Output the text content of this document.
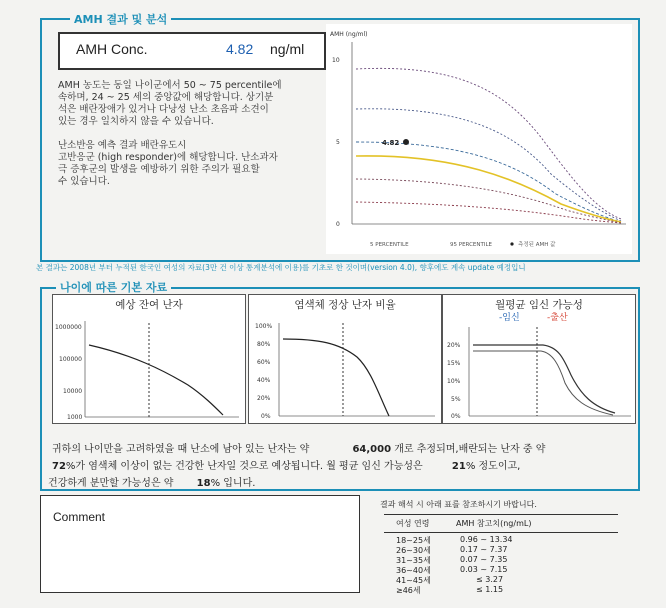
AMH 결과 및 분석
AMH Conc.	4.82 ng/ml
AMH 농도는 동일 나이군에서 50 ~ 75 percentile에
속하며, 24 ~ 25 세의 중앙값에 해당합니다. 상기분
석은 배란장애가 있거나 다낭성 난소 초음파 소견이
있는 경우 일치하지 않을 수 있습니다.
난소반응 예측 결과 배란유도시
고반응군 (high responder)에 해당합니다. 난소과자
극 증후군의 발생을 예방하기 위한 주의가 필요할
수 있습니다.
AMH (ng/ml)
10
5
0
4.82
5 PERCENTILE	95 PERCENTILE	측정된 AMH 값
본 결과는 2008년 부터 누적된 한국인 여성의 자료(3만 건 이상 통계분석에 이용)를 기초로 한 것이며(version 4.0), 향후에도 계속 update 예정입니
나이에 따른 기본 자료
예상 잔여 난자
1000000
100000
10000
1000
염색체 정상 난자 비율
100%
80%
60%
40%
20%
0%
월평균 임신 가능성
-임신	-출산
20%
15%
10%
5%
0%
귀하의 나이만을 고려하였을 때 난소에 남아 있는 난자는 약	64,000 개로 추정되며,배란되는 난자 중 약
72%가 염색체 이상이 없는 건강한 난자일 것으로 예상됩니다. 월 평균 임신 가능성은	21% 정도이고,
건강하게 분만할 가능성은 약 18% 입니다.
Comment
결과 해석 시 아래 표를 참조하시기 바랍니다.
여성 연령	AMH 참고치(ng/mL)
18~25세	0.96 ~ 13.34
26~30세	0.17 ~ 7.37
31~35세	0.07 ~ 7.35
36~40세	0.03 ~ 7.15
41~45세	≤ 3.27
≥46세	≤ 1.15
